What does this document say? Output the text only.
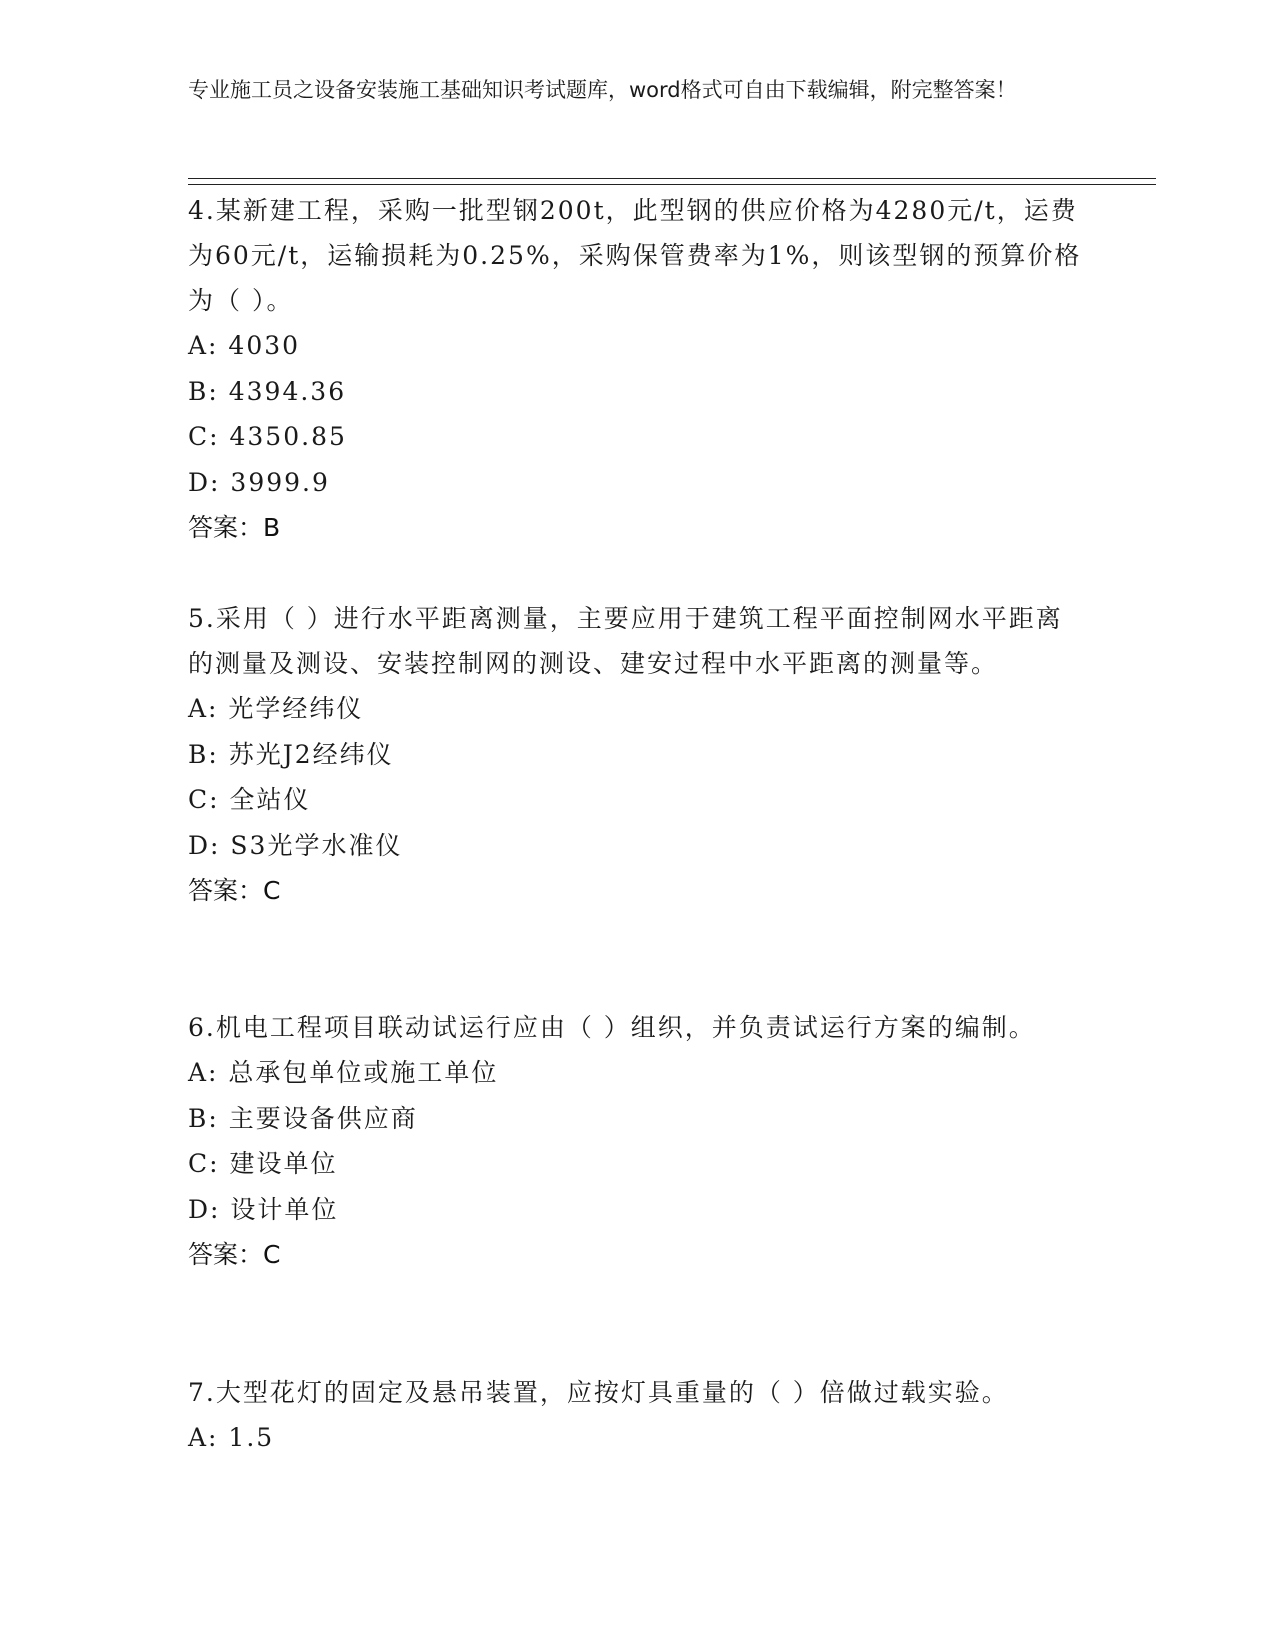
专业施工员之设备安装施工基础知识考试题库，word格式可自由下载编辑，附完整答案！

4.某新建工程，采购一批型钢200t，此型钢的供应价格为4280元/t，运费为60元/t，运输损耗为0.25%，采购保管费率为1%，则该型钢的预算价格为（ ）。

A: 4030

B: 4394.36

C: 4350.85

D: 3999.9

答案：B

5.采用（ ）进行水平距离测量，主要应用于建筑工程平面控制网水平距离的测量及测设、安装控制网的测设、建安过程中水平距离的测量等。

A: 光学经纬仪

B: 苏光J2经纬仪

C: 全站仪

D: S3光学水准仪

答案：C

6.机电工程项目联动试运行应由（ ）组织，并负责试运行方案的编制。

A: 总承包单位或施工单位

B: 主要设备供应商

C: 建设单位

D: 设计单位

答案：C

7.大型花灯的固定及悬吊装置，应按灯具重量的（ ）倍做过载实验。

A: 1.5
